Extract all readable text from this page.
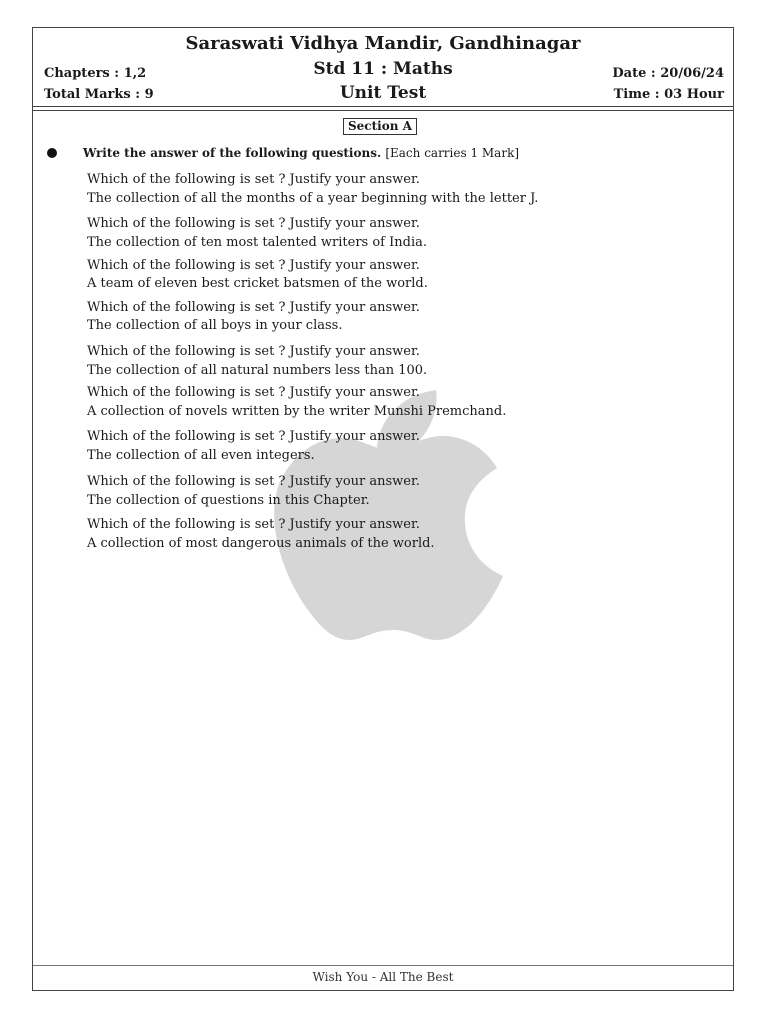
Saraswati Vidhya Mandir, Gandhinagar
Std 11 : Maths
Unit Test
Chapters : 1,2
Total Marks : 9
Date : 20/06/24
Time : 03 Hour
Section A
Write the answer of the following questions. [Each carries 1 Mark]
Which of the following is set ? Justify your answer.
The collection of all the months of a year beginning with the letter J.
Which of the following is set ? Justify your answer.
The collection of ten most talented writers of India.
Which of the following is set ? Justify your answer.
A team of eleven best cricket batsmen of the world.
Which of the following is set ? Justify your answer.
The collection of all boys in your class.
Which of the following is set ? Justify your answer.
The collection of all natural numbers less than 100.
Which of the following is set ? Justify your answer.
A collection of novels written by the writer Munshi Premchand.
Which of the following is set ? Justify your answer.
The collection of all even integers.
Which of the following is set ? Justify your answer.
The collection of questions in this Chapter.
Which of the following is set ? Justify your answer.
A collection of most dangerous animals of the world.
Wish You - All The Best
